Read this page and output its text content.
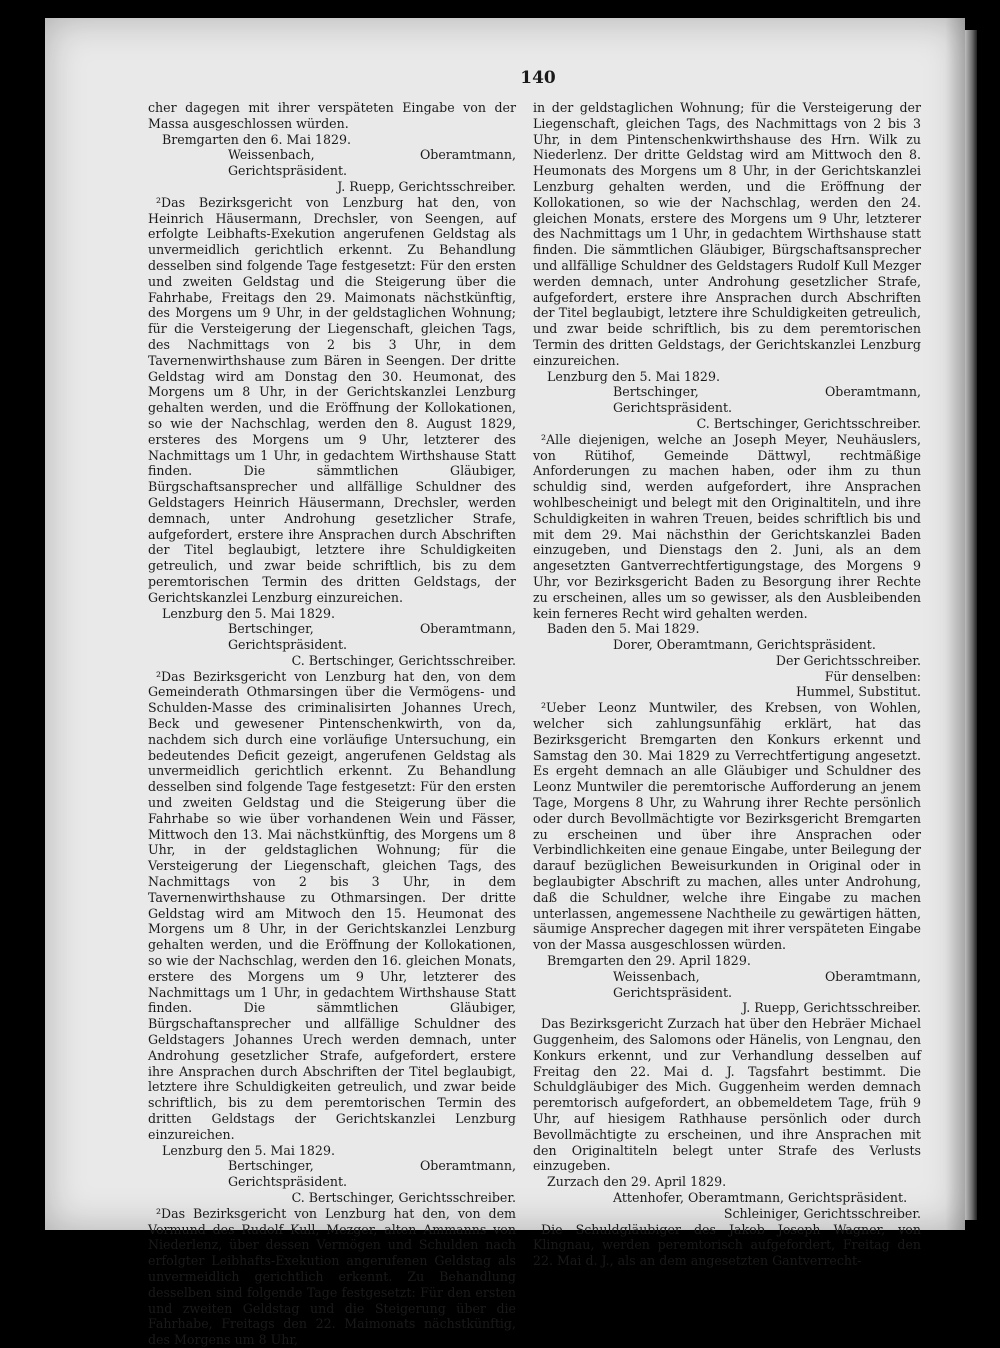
140

cher dagegen mit ihrer verspäteten Eingabe von der Massa ausgeschlossen würden.

Bremgarten den 6. Mai 1829.

Weissenbach, Oberamtmann, Gerichtspräsident.

J. Ruepp, Gerichtsschreiber.

²Das Bezirksgericht von Lenzburg hat den, von Heinrich Häusermann, Drechsler, von Seengen, auf erfolgte Leibhafts-Exekution angerufenen Geldstag als unvermeidlich gerichtlich erkennt. Zu Behandlung desselben sind folgende Tage festgesetzt: Für den ersten und zweiten Geldstag und die Steigerung über die Fahrhabe, Freitags den 29. Maimonats nächstkünftig, des Morgens um 9 Uhr, in der geldstaglichen Wohnung; für die Versteigerung der Liegenschaft, gleichen Tags, des Nachmittags von 2 bis 3 Uhr, in dem Tavernenwirthshause zum Bären in Seengen. Der dritte Geldstag wird am Donstag den 30. Heumonat, des Morgens um 8 Uhr, in der Gerichtskanzlei Lenzburg gehalten werden, und die Eröffnung der Kollokationen, so wie der Nachschlag, werden den 8. August 1829, ersteres des Morgens um 9 Uhr, letzterer des Nachmittags um 1 Uhr, in gedachtem Wirthshause Statt finden. Die sämmtlichen Gläubiger, Bürgschaftsansprecher und allfällige Schuldner des Geldstagers Heinrich Häusermann, Drechsler, werden demnach, unter Androhung gesetzlicher Strafe, aufgefordert, erstere ihre Ansprachen durch Abschriften der Titel beglaubigt, letztere ihre Schuldigkeiten getreulich, und zwar beide schriftlich, bis zu dem peremtorischen Termin des dritten Geldstags, der Gerichtskanzlei Lenzburg einzureichen.

Lenzburg den 5. Mai 1829.

Bertschinger, Oberamtmann, Gerichtspräsident.

C. Bertschinger, Gerichtsschreiber.

²Das Bezirksgericht von Lenzburg hat den, von dem Gemeinderath Othmarsingen über die Vermögens- und Schulden-Masse des criminalisirten Johannes Urech, Beck und gewesener Pintenschenkwirth, von da, nachdem sich durch eine vorläufige Untersuchung, ein bedeutendes Deficit gezeigt, angerufenen Geldstag als unvermeidlich gerichtlich erkennt. Zu Behandlung desselben sind folgende Tage festgesetzt: Für den ersten und zweiten Geldstag und die Steigerung über die Fahrhabe so wie über vorhandenen Wein und Fässer, Mittwoch den 13. Mai nächstkünftig, des Morgens um 8 Uhr, in der geldstaglichen Wohnung; für die Versteigerung der Liegenschaft, gleichen Tags, des Nachmittags von 2 bis 3 Uhr, in dem Tavernenwirthshause zu Othmarsingen. Der dritte Geldstag wird am Mitwoch den 15. Heumonat des Morgens um 8 Uhr, in der Gerichtskanzlei Lenzburg gehalten werden, und die Eröffnung der Kollokationen, so wie der Nachschlag, werden den 16. gleichen Monats, erstere des Morgens um 9 Uhr, letzterer des Nachmittags um 1 Uhr, in gedachtem Wirthshause Statt finden. Die sämmtlichen Gläubiger, Bürgschaftansprecher und allfällige Schuldner des Geldstagers Johannes Urech werden demnach, unter Androhung gesetzlicher Strafe, aufgefordert, erstere ihre Ansprachen durch Abschriften der Titel beglaubigt, letztere ihre Schuldigkeiten getreulich, und zwar beide schriftlich, bis zu dem peremtorischen Termin des dritten Geldstags der Gerichtskanzlei Lenzburg einzureichen.

Lenzburg den 5. Mai 1829.

Bertschinger, Oberamtmann, Gerichtspräsident.

C. Bertschinger, Gerichtsschreiber.

²Das Bezirksgericht von Lenzburg hat den, von dem Vormund des Rudolf Kull, Mezger, alten Ammanns von Niederlenz, über dessen Vermögen und Schulden nach erfolgter Leibhafts-Exekution angerufenen Geldstag als unvermeidlich gerichtlich erkennt. Zu Behandlung desselben sind folgende Tage festgesetzt: Für den ersten und zweiten Geldstag und die Steigerung über die Fahrhabe, Freitags den 22. Maimonats nächstkünftig, des Morgens um 8 Uhr,

in der geldstaglichen Wohnung; für die Versteigerung der Liegenschaft, gleichen Tags, des Nachmittags von 2 bis 3 Uhr, in dem Pintenschenkwirthshause des Hrn. Wilk zu Niederlenz. Der dritte Geldstag wird am Mittwoch den 8. Heumonats des Morgens um 8 Uhr, in der Gerichtskanzlei Lenzburg gehalten werden, und die Eröffnung der Kollokationen, so wie der Nachschlag, werden den 24. gleichen Monats, erstere des Morgens um 9 Uhr, letzterer des Nachmittags um 1 Uhr, in gedachtem Wirthshause statt finden. Die sämmtlichen Gläubiger, Bürgschaftsansprecher und allfällige Schuldner des Geldstagers Rudolf Kull Mezger werden demnach, unter Androhung gesetzlicher Strafe, aufgefordert, erstere ihre Ansprachen durch Abschriften der Titel beglaubigt, letztere ihre Schuldigkeiten getreulich, und zwar beide schriftlich, bis zu dem peremtorischen Termin des dritten Geldstags, der Gerichtskanzlei Lenzburg einzureichen.

Lenzburg den 5. Mai 1829.

Bertschinger, Oberamtmann, Gerichtspräsident.

C. Bertschinger, Gerichtsschreiber.

²Alle diejenigen, welche an Joseph Meyer, Neuhäuslers, von Rütihof, Gemeinde Dättwyl, rechtmäßige Anforderungen zu machen haben, oder ihm zu thun schuldig sind, werden aufgefordert, ihre Ansprachen wohlbescheinigt und belegt mit den Originaltiteln, und ihre Schuldigkeiten in wahren Treuen, beides schriftlich bis und mit dem 29. Mai nächsthin der Gerichtskanzlei Baden einzugeben, und Dienstags den 2. Juni, als an dem angesetzten Gantverrechtfertigungstage, des Morgens 9 Uhr, vor Bezirksgericht Baden zu Besorgung ihrer Rechte zu erscheinen, alles um so gewisser, als den Ausbleibenden kein ferneres Recht wird gehalten werden.

Baden den 5. Mai 1829.

Dorer, Oberamtmann, Gerichtspräsident.

Der Gerichtsschreiber.

Für denselben:

Hummel, Substitut.

²Ueber Leonz Muntwiler, des Krebsen, von Wohlen, welcher sich zahlungsunfähig erklärt, hat das Bezirksgericht Bremgarten den Konkurs erkennt und Samstag den 30. Mai 1829 zu Verrechtfertigung angesetzt. Es ergeht demnach an alle Gläubiger und Schuldner des Leonz Muntwiler die peremtorische Aufforderung an jenem Tage, Morgens 8 Uhr, zu Wahrung ihrer Rechte persönlich oder durch Bevollmächtigte vor Bezirksgericht Bremgarten zu erscheinen und über ihre Ansprachen oder Verbindlichkeiten eine genaue Eingabe, unter Beilegung der darauf bezüglichen Beweisurkunden in Original oder in beglaubigter Abschrift zu machen, alles unter Androhung, daß die Schuldner, welche ihre Eingabe zu machen unterlassen, angemessene Nachtheile zu gewärtigen hätten, säumige Ansprecher dagegen mit ihrer verspäteten Eingabe von der Massa ausgeschlossen würden.

Bremgarten den 29. April 1829.

Weissenbach, Oberamtmann, Gerichtspräsident.

J. Ruepp, Gerichtsschreiber.

Das Bezirksgericht Zurzach hat über den Hebräer Michael Guggenheim, des Salomons oder Hänelis, von Lengnau, den Konkurs erkennt, und zur Verhandlung desselben auf Freitag den 22. Mai d. J. Tagsfahrt bestimmt. Die Schuldgläubiger des Mich. Guggenheim werden demnach peremtorisch aufgefordert, an obbemeldetem Tage, früh 9 Uhr, auf hiesigem Rathhause persönlich oder durch Bevollmächtigte zu erscheinen, und ihre Ansprachen mit den Originaltiteln belegt unter Strafe des Verlusts einzugeben.

Zurzach den 29. April 1829.

Attenhofer, Oberamtmann, Gerichtspräsident.

Schleiniger, Gerichtsschreiber.

Die Schuldgläubiger des Jakob Joseph Wagner, von Klingnau, werden peremtorisch aufgefordert, Freitag den 22. Mai d. J., als an dem angesetzten Gantverrecht-
